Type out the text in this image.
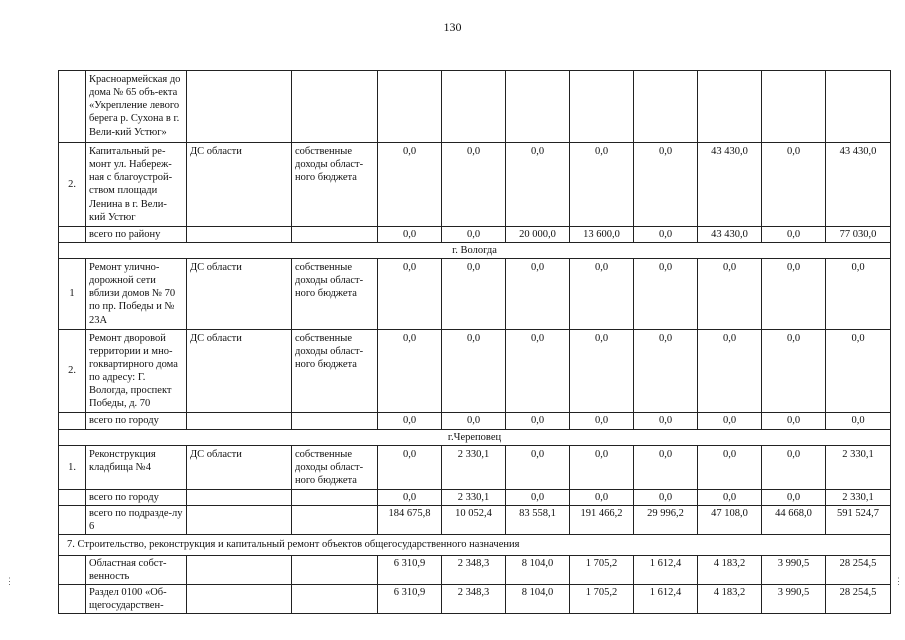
130
	Красноармейская до дома № 65 объ-екта «Укрепление левого берега р. Сухона в г. Вели-кий Устюг»										
2.	Капитальный ре-монт ул. Набереж-ная с благоустрой-ством площади Ленина в г. Вели-кий Устюг	ДС области	собственные доходы област-ного бюджета	0,0	0,0	0,0	0,0	0,0	43 430,0	0,0	43 430,0
	всего по району			0,0	0,0	20 000,0	13 600,0	0,0	43 430,0	0,0	77 030,0
г. Вологда											
1	Ремонт улично-дорожной сети вблизи домов № 70 по пр. Победы и № 23А	ДС области	собственные доходы област-ного бюджета	0,0	0,0	0,0	0,0	0,0	0,0	0,0	0,0
2.	Ремонт дворовой территории и мно-гоквартирного дома по адресу: Г. Вологда, проспект Победы, д. 70	ДС области	собственные доходы област-ного бюджета	0,0	0,0	0,0	0,0	0,0	0,0	0,0	0,0
	всего по городу			0,0	0,0	0,0	0,0	0,0	0,0	0,0	0,0
г.Череповец											
1.	Реконструкция кладбища №4	ДС области	собственные доходы област-ного бюджета	0,0	2 330,1	0,0	0,0	0,0	0,0	0,0	2 330,1
	всего по городу			0,0	2 330,1	0,0	0,0	0,0	0,0	0,0	2 330,1
	всего по подразде-лу 6			184 675,8	10 052,4	83 558,1	191 466,2	29 996,2	47 108,0	44 668,0	591 524,7
7. Строительство, реконструкция и капитальный ремонт объектов общегосударственного назначения											
	Областная собст-венность			6 310,9	2 348,3	8 104,0	1 705,2	1 612,4	4 183,2	3 990,5	28 254,5
	Раздел 0100 «Об-щегосударствен-			6 310,9	2 348,3	8 104,0	1 705,2	1 612,4	4 183,2	3 990,5	28 254,5
⋮	⋮
